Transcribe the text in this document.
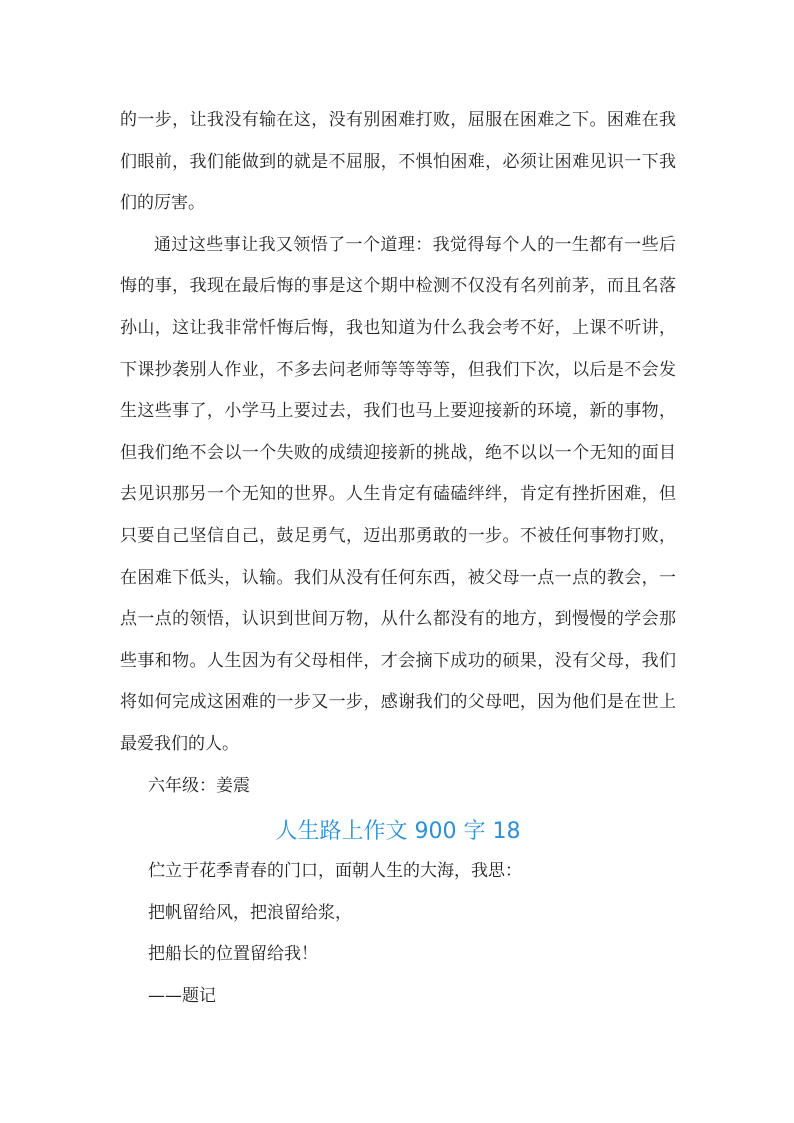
的一步，让我没有输在这，没有别困难打败，屈服在困难之下。困难在我们眼前，我们能做到的就是不屈服，不惧怕困难，必须让困难见识一下我们的厉害。

通过这些事让我又领悟了一个道理：我觉得每个人的一生都有一些后悔的事，我现在最后悔的事是这个期中检测不仅没有名列前茅，而且名落孙山，这让我非常忏悔后悔，我也知道为什么我会考不好，上课不听讲，下课抄袭别人作业，不多去问老师等等等等，但我们下次，以后是不会发生这些事了，小学马上要过去，我们也马上要迎接新的环境，新的事物，但我们绝不会以一个失败的成绩迎接新的挑战，绝不以以一个无知的面目去见识那另一个无知的世界。人生肯定有磕磕绊绊，肯定有挫折困难，但只要自己坚信自己，鼓足勇气，迈出那勇敢的一步。不被任何事物打败，在困难下低头，认输。我们从没有任何东西，被父母一点一点的教会，一点一点的领悟，认识到世间万物，从什么都没有的地方，到慢慢的学会那些事和物。人生因为有父母相伴，才会摘下成功的硕果，没有父母，我们将如何完成这困难的一步又一步，感谢我们的父母吧，因为他们是在世上最爱我们的人。

六年级：姜震

人生路上作文 900 字 18

伫立于花季青春的门口，面朝人生的大海，我思：

把帆留给风，把浪留给浆，

把船长的位置留给我！

——题记
